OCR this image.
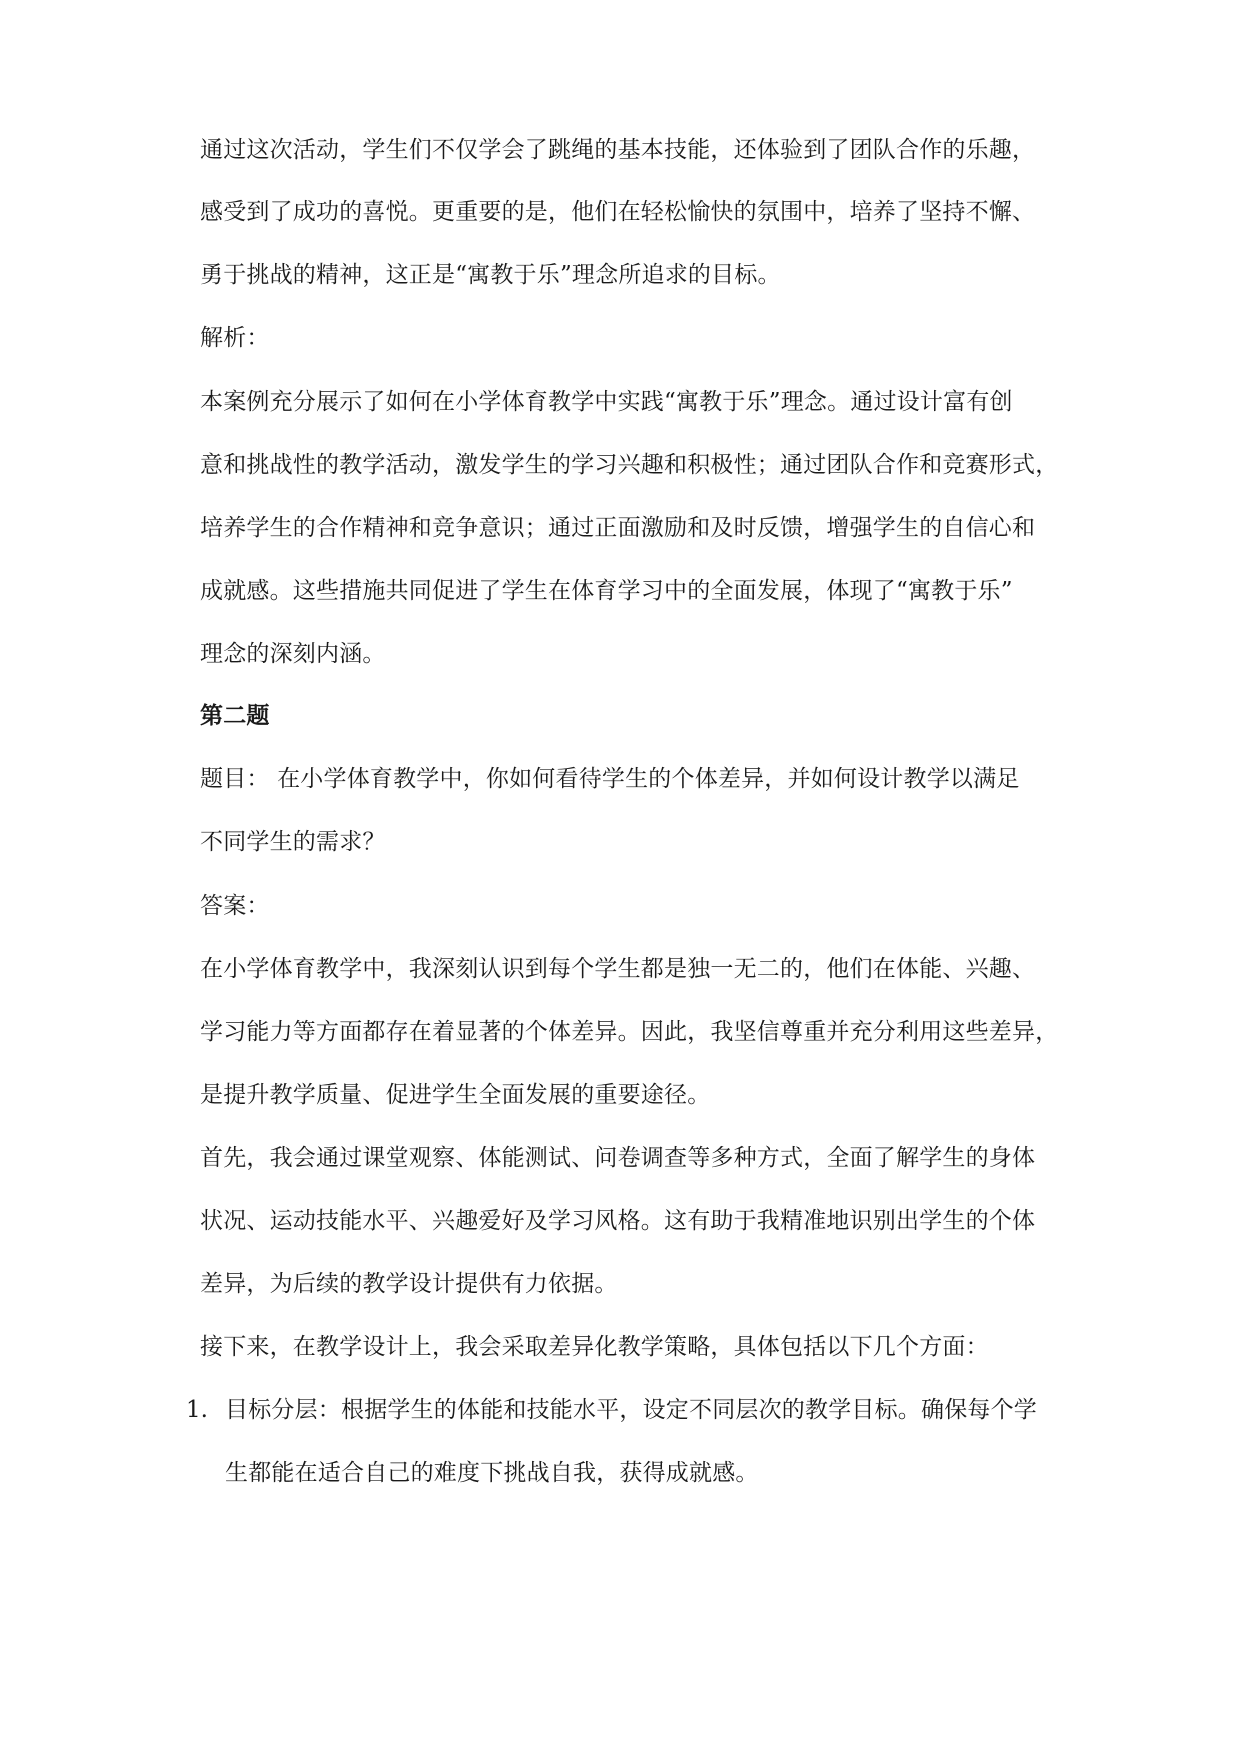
通过这次活动，学生们不仅学会了跳绳的基本技能，还体验到了团队合作的乐趣，

感受到了成功的喜悦。更重要的是，他们在轻松愉快的氛围中，培养了坚持不懈、

勇于挑战的精神，这正是“寓教于乐”理念所追求的目标。

解析：

本案例充分展示了如何在小学体育教学中实践“寓教于乐”理念。通过设计富有创

意和挑战性的教学活动，激发学生的学习兴趣和积极性；通过团队合作和竞赛形式，

培养学生的合作精神和竞争意识；通过正面激励和及时反馈，增强学生的自信心和

成就感。这些措施共同促进了学生在体育学习中的全面发展，体现了“寓教于乐”

理念的深刻内涵。

第二题

题目： 在小学体育教学中，你如何看待学生的个体差异，并如何设计教学以满足

不同学生的需求？

答案：

在小学体育教学中，我深刻认识到每个学生都是独一无二的，他们在体能、兴趣、

学习能力等方面都存在着显著的个体差异。因此，我坚信尊重并充分利用这些差异，

是提升教学质量、促进学生全面发展的重要途径。

首先，我会通过课堂观察、体能测试、问卷调查等多种方式，全面了解学生的身体

状况、运动技能水平、兴趣爱好及学习风格。这有助于我精准地识别出学生的个体

差异，为后续的教学设计提供有力依据。

接下来，在教学设计上，我会采取差异化教学策略，具体包括以下几个方面：

1. 目标分层：根据学生的体能和技能水平，设定不同层次的教学目标。确保每个学

生都能在适合自己的难度下挑战自我，获得成就感。
